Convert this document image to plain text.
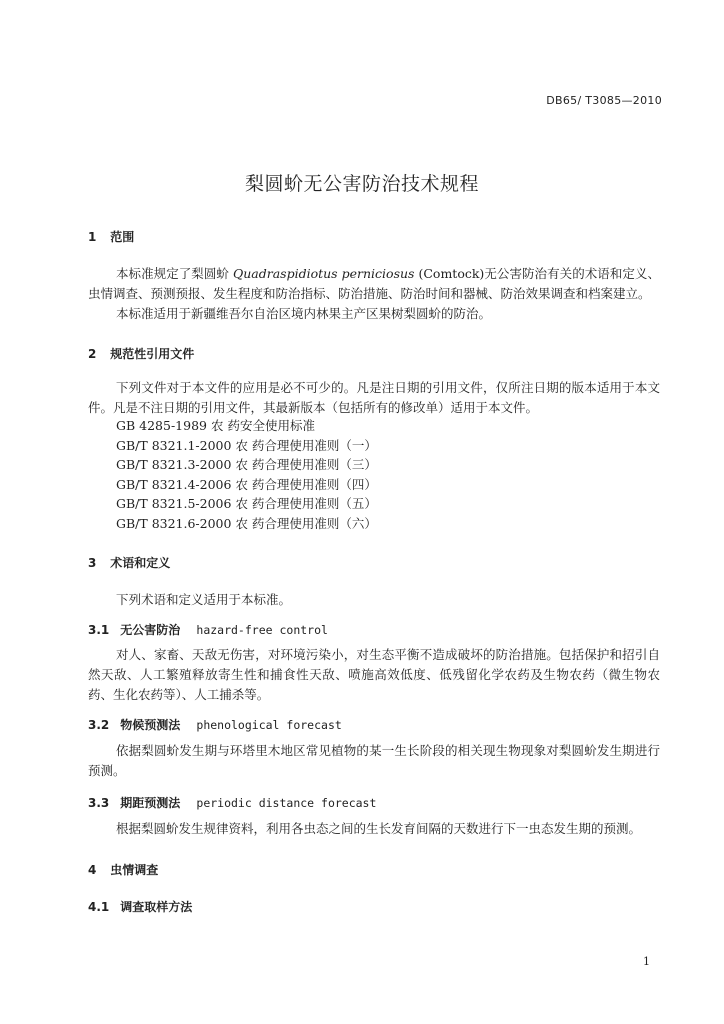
DB65/ T3085—2010
梨圆蚧无公害防治技术规程
1 范围
本标准规定了梨圆蚧 Quadraspidiotus perniciosus (Comtock)无公害防治有关的术语和定义、虫情调查、预测预报、发生程度和防治指标、防治措施、防治时间和器械、防治效果调查和档案建立。
本标准适用于新疆维吾尔自治区境内林果主产区果树梨圆蚧的防治。
2 规范性引用文件
下列文件对于本文件的应用是必不可少的。凡是注日期的引用文件，仅所注日期的版本适用于本文件。凡是不注日期的引用文件，其最新版本（包括所有的修改单）适用于本文件。
GB 4285-1989 农 药安全使用标准
GB/T 8321.1-2000 农 药合理使用准则（一）
GB/T 8321.3-2000 农 药合理使用准则（三）
GB/T 8321.4-2006 农 药合理使用准则（四）
GB/T 8321.5-2006 农 药合理使用准则（五）
GB/T 8321.6-2000 农 药合理使用准则（六）
3 术语和定义
下列术语和定义适用于本标准。
3.1 无公害防治 hazard-free control
对人、家畜、天敌无伤害，对环境污染小，对生态平衡不造成破坏的防治措施。包括保护和招引自然天敌、人工繁殖释放寄生性和捕食性天敌、喷施高效低度、低残留化学农药及生物农药（微生物农药、生化农药等）、人工捕杀等。
3.2 物候预测法 phenological forecast
依据梨圆蚧发生期与环塔里木地区常见植物的某一生长阶段的相关现生物现象对梨圆蚧发生期进行预测。
3.3 期距预测法 periodic distance forecast
根据梨圆蚧发生规律资料，利用各虫态之间的生长发育间隔的天数进行下一虫态发生期的预测。
4 虫情调查
4.1 调查取样方法
1
